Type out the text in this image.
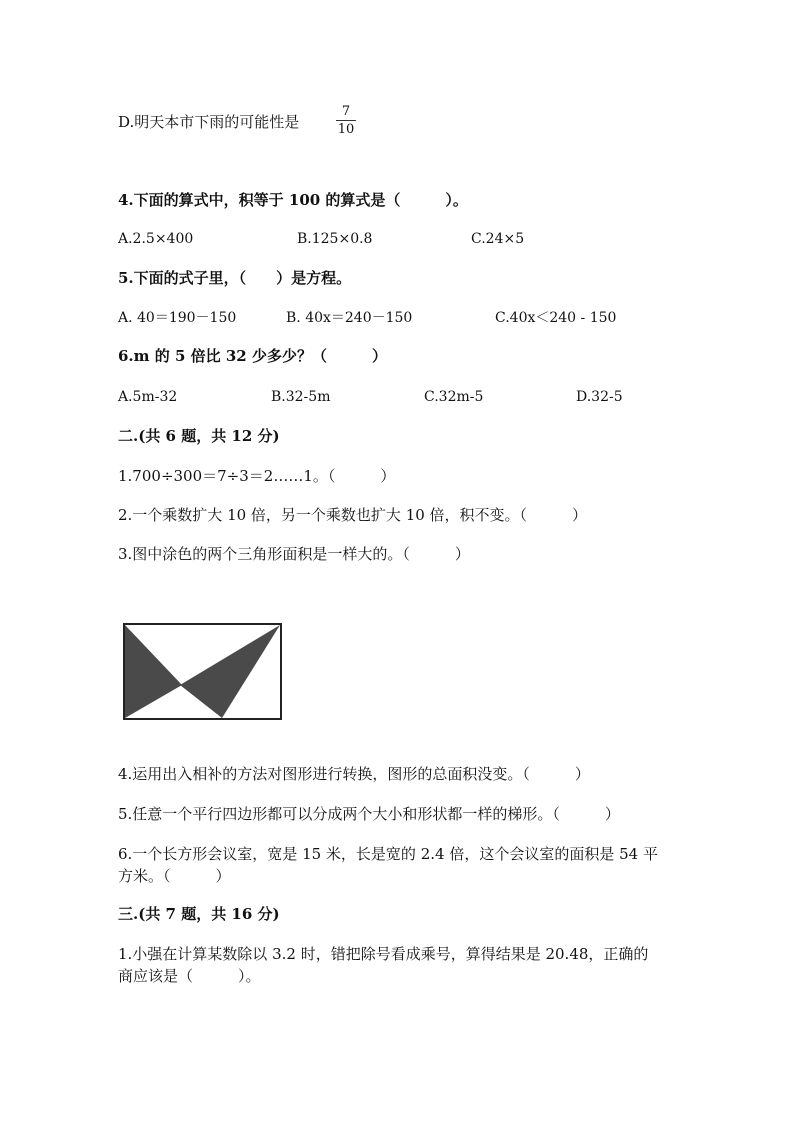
D.明天本市下雨的可能性是
7
10
4.下面的算式中，积等于 100 的算式是（　　　）。
A.2.5×400	B.125×0.8	C.24×5
5.下面的式子里，（　　）是方程。
A. 40＝190－150	B. 40x＝240－150	C.40x＜240 - 150
6.m 的 5 倍比 32 少多少？（　　　）
A.5m-32	B.32-5m	C.32m-5	D.32-5
二.(共 6 题，共 12 分)
1.700÷300＝7÷3＝2……1。（　　　）
2.一个乘数扩大 10 倍，另一个乘数也扩大 10 倍，积不变。（　　　）
3.图中涂色的两个三角形面积是一样大的。（　　　）
4.运用出入相补的方法对图形进行转换，图形的总面积没变。（　　　）
5.任意一个平行四边形都可以分成两个大小和形状都一样的梯形。（　　　）
6.一个长方形会议室，宽是 15 米，长是宽的 2.4 倍，这个会议室的面积是 54 平方米。（　　　）
三.(共 7 题，共 16 分)
1.小强在计算某数除以 3.2 时，错把除号看成乘号，算得结果是 20.48，正确的商应该是（　　　）。
